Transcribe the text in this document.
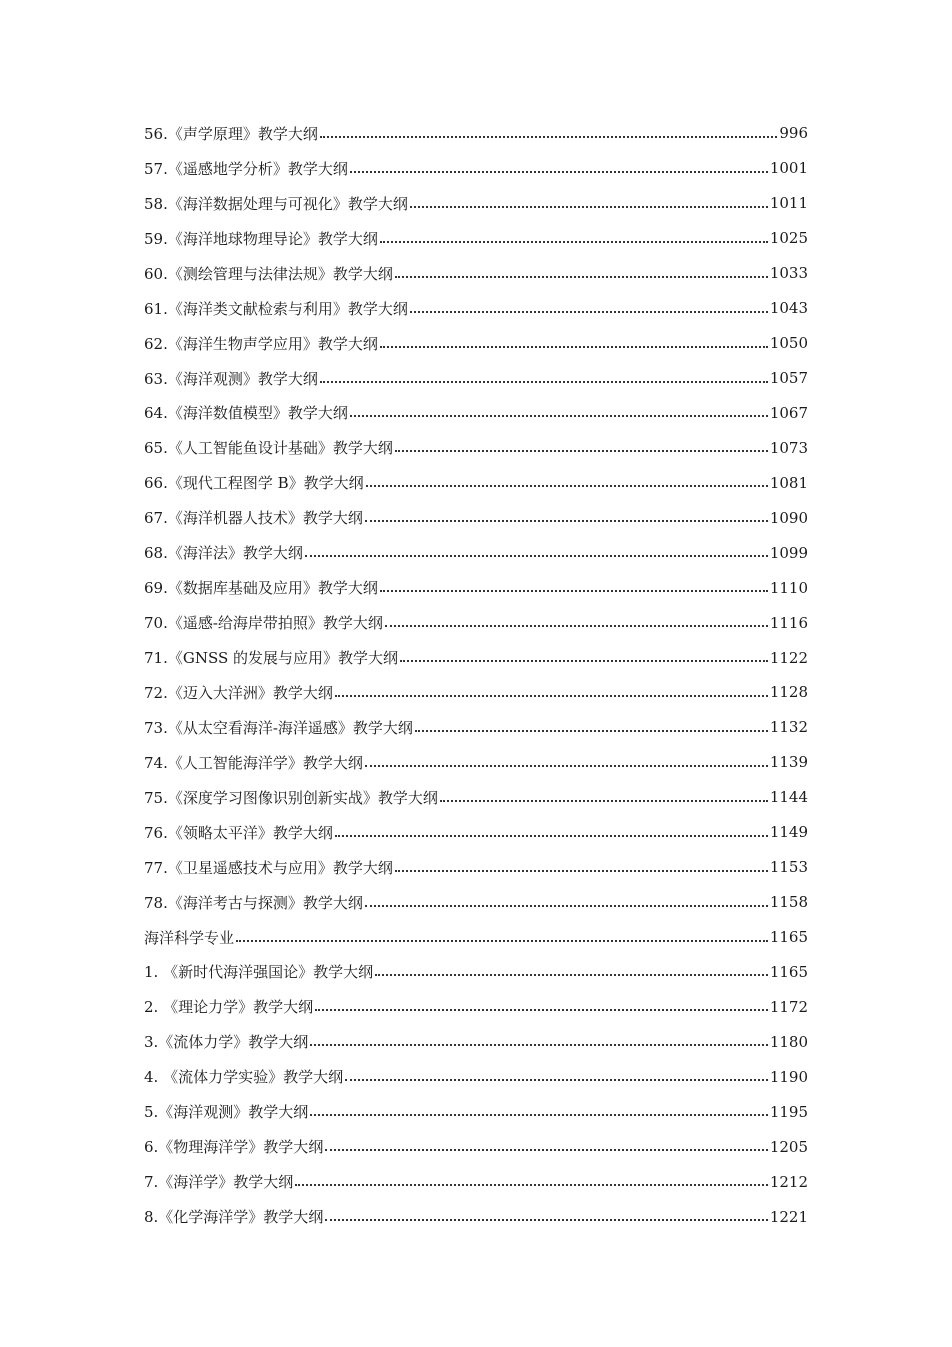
56.《声学原理》教学大纲	996
57.《遥感地学分析》教学大纲	1001
58.《海洋数据处理与可视化》教学大纲	1011
59.《海洋地球物理导论》教学大纲	1025
60.《测绘管理与法律法规》教学大纲	1033
61.《海洋类文献检索与利用》教学大纲	1043
62.《海洋生物声学应用》教学大纲	1050
63.《海洋观测》教学大纲	1057
64.《海洋数值模型》教学大纲	1067
65.《人工智能鱼设计基础》教学大纲	1073
66.《现代工程图学 B》教学大纲	1081
67.《海洋机器人技术》教学大纲	1090
68.《海洋法》教学大纲	1099
69.《数据库基础及应用》教学大纲	1110
70.《遥感-给海岸带拍照》教学大纲	1116
71.《GNSS 的发展与应用》教学大纲	1122
72.《迈入大洋洲》教学大纲	1128
73.《从太空看海洋-海洋遥感》教学大纲	1132
74.《人工智能海洋学》教学大纲	1139
75.《深度学习图像识别创新实战》教学大纲	1144
76.《领略太平洋》教学大纲	1149
77.《卫星遥感技术与应用》教学大纲	1153
78.《海洋考古与探测》教学大纲	1158
海洋科学专业	1165
1. 《新时代海洋强国论》教学大纲	1165
2. 《理论力学》教学大纲	1172
3.《流体力学》教学大纲	1180
4. 《流体力学实验》教学大纲	1190
5.《海洋观测》教学大纲	1195
6.《物理海洋学》教学大纲	1205
7.《海洋学》教学大纲	1212
8.《化学海洋学》教学大纲	1221
